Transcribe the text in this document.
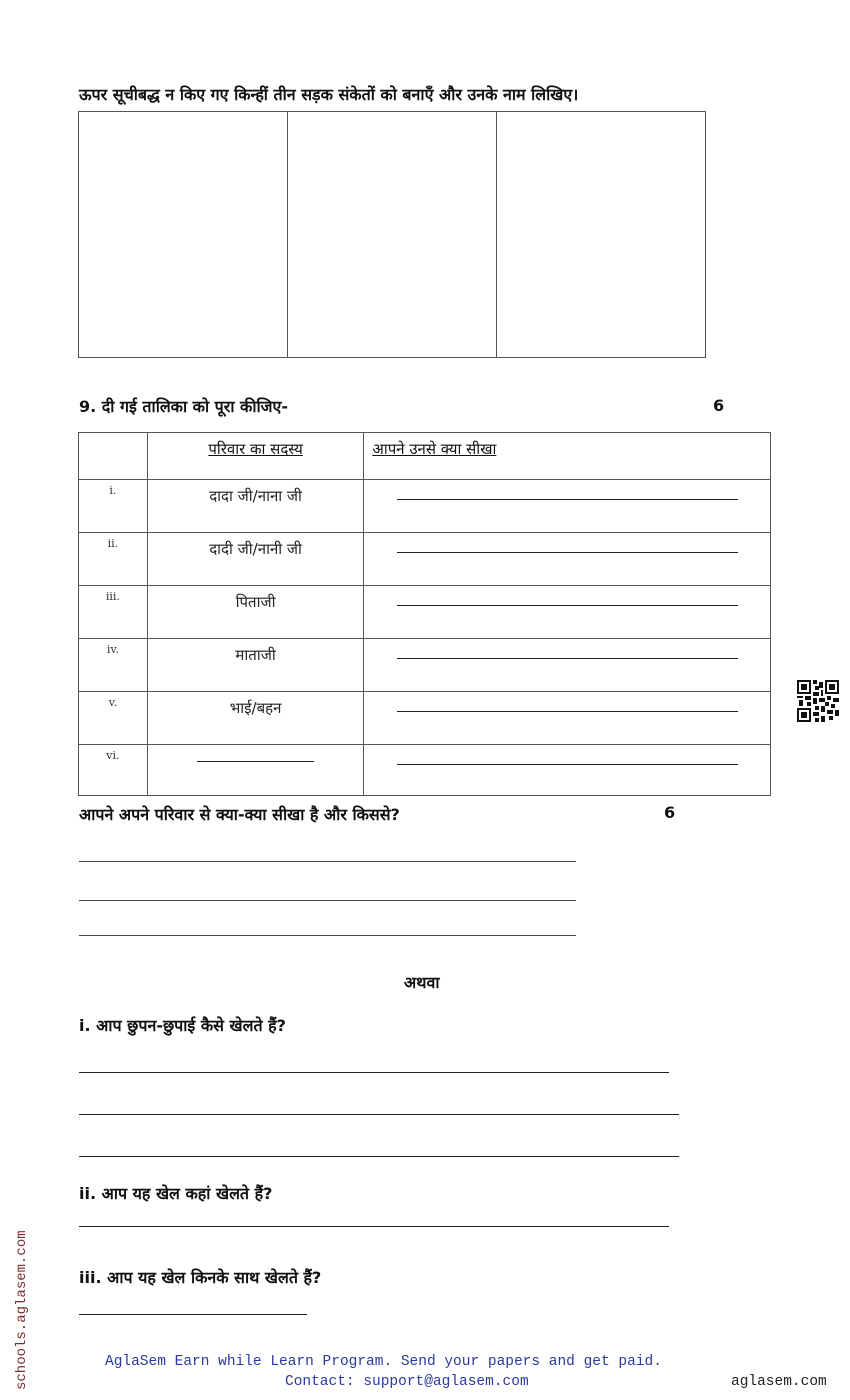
ऊपर सूचीबद्ध न किए गए किन्हीं तीन सड़क संकेतों को बनाएँ और उनके नाम लिखिए।
9. दी गई तालिका को पूरा कीजिए-	6

	परिवार का सदस्य	आपने उनसे क्या सीखा

i.	दादा जी/नाना जी	
ii.	दादी जी/नानी जी	
iii.	पिताजी	
iv.	माताजी	
v.	भाई/बहन	
vi.	

आपने अपने परिवार से क्या-क्या सीखा है और किससे?	6
अथवा
i. आप छुपन-छुपाई कैसे खेलते हैं?
ii. आप यह खेल कहां खेलते हैं?
iii. आप यह खेल किनके साथ खेलते हैं?
AglaSem Earn while Learn Program. Send your papers and get paid.
Contact: support@aglasem.com	aglasem.com
schools.aglasem.com
